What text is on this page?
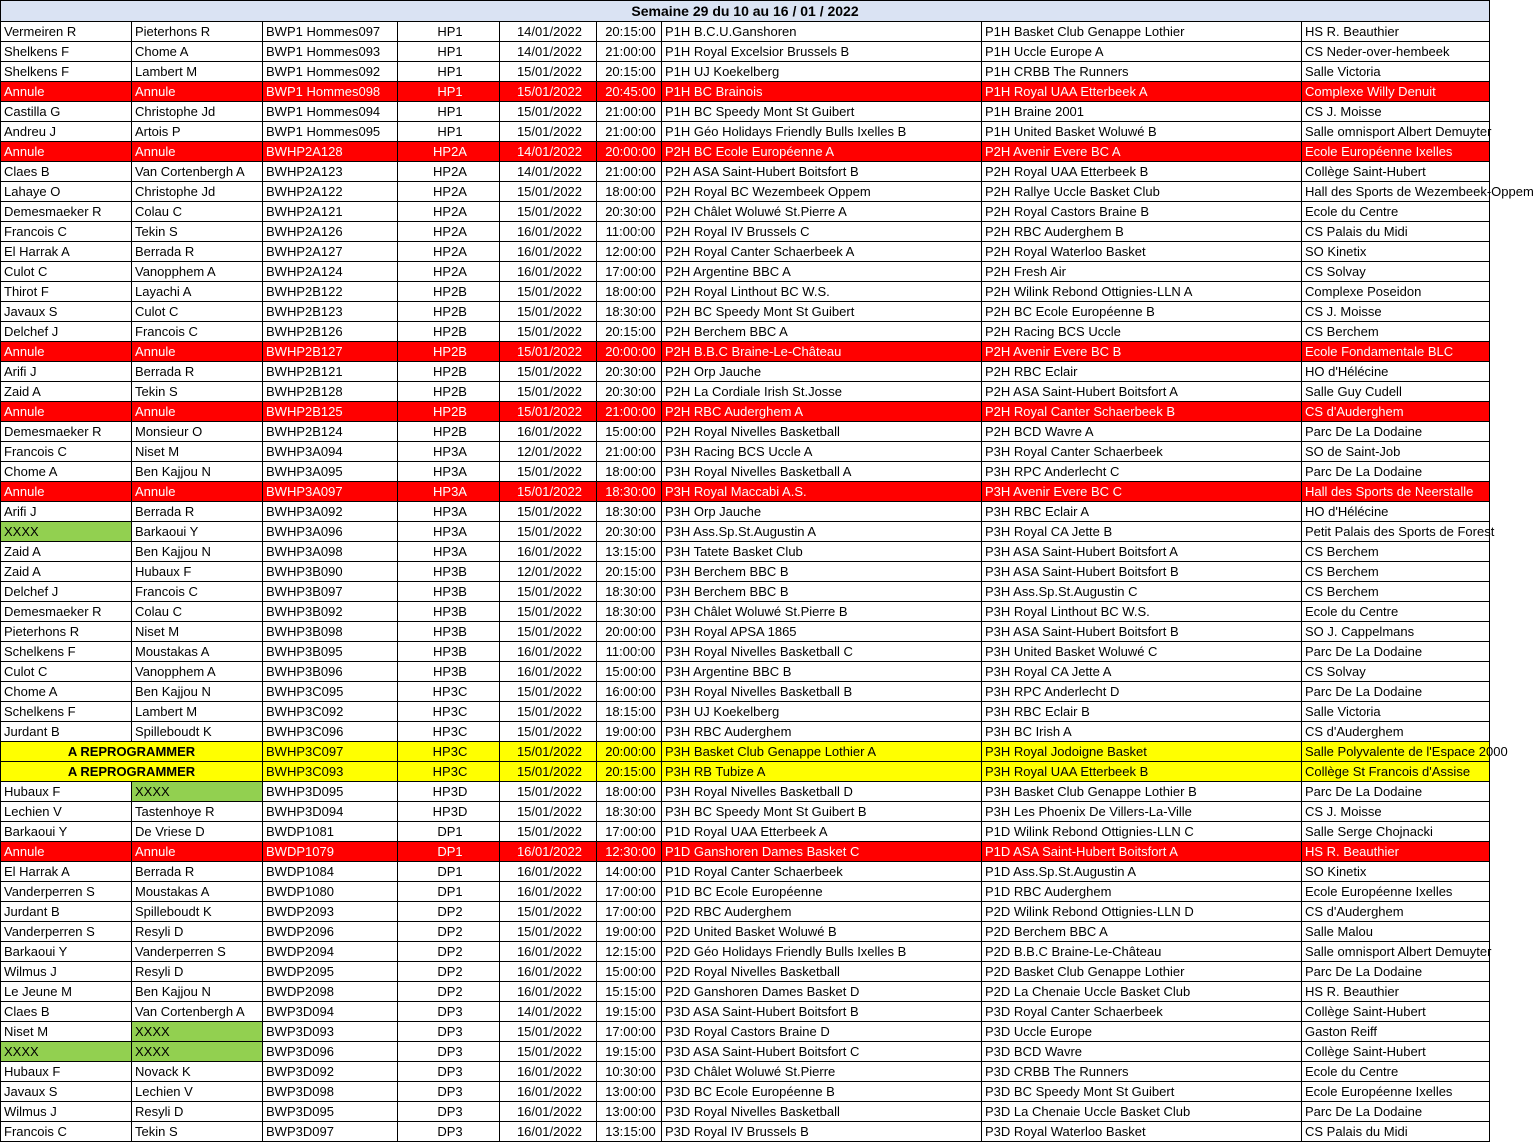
Semaine 29 du 10 au 16 / 01 / 2022								
Vermeiren R	Pieterhons R	BWP1 Hommes097	HP1	14/01/2022	20:15:00	P1H B.C.U.Ganshoren	P1H Basket Club Genappe Lothier	HS R. Beauthier
Shelkens F	Chome A	BWP1 Hommes093	HP1	14/01/2022	21:00:00	P1H Royal Excelsior Brussels B	P1H Uccle Europe A	CS Neder-over-hembeek
Shelkens F	Lambert M	BWP1 Hommes092	HP1	15/01/2022	20:15:00	P1H UJ Koekelberg	P1H CRBB The Runners	Salle Victoria
Annule	Annule	BWP1 Hommes098	HP1	15/01/2022	20:45:00	P1H BC Brainois	P1H Royal UAA Etterbeek A	Complexe Willy Denuit
Castilla G	Christophe Jd	BWP1 Hommes094	HP1	15/01/2022	21:00:00	P1H BC Speedy Mont St Guibert	P1H Braine 2001	CS J. Moisse
Andreu J	Artois P	BWP1 Hommes095	HP1	15/01/2022	21:00:00	P1H Géo Holidays Friendly Bulls Ixelles B	P1H United Basket Woluwé B	Salle omnisport Albert Demuyter
Annule	Annule	BWHP2A128	HP2A	14/01/2022	20:00:00	P2H BC Ecole Européenne A	P2H Avenir Evere BC A	Ecole Européenne Ixelles
Claes B	Van Cortenbergh A	BWHP2A123	HP2A	14/01/2022	21:00:00	P2H ASA Saint-Hubert Boitsfort B	P2H Royal UAA Etterbeek B	Collège Saint-Hubert
Lahaye O	Christophe Jd	BWHP2A122	HP2A	15/01/2022	18:00:00	P2H Royal BC Wezembeek Oppem	P2H Rallye Uccle Basket Club	Hall des Sports de Wezembeek-Oppem
Demesmaeker R	Colau C	BWHP2A121	HP2A	15/01/2022	20:30:00	P2H Châlet Woluwé St.Pierre A	P2H Royal Castors Braine B	Ecole du Centre
Francois C	Tekin S	BWHP2A126	HP2A	16/01/2022	11:00:00	P2H Royal IV Brussels C	P2H RBC Auderghem B	CS Palais du Midi
El Harrak A	Berrada R	BWHP2A127	HP2A	16/01/2022	12:00:00	P2H Royal Canter Schaerbeek A	P2H Royal Waterloo Basket	SO Kinetix
Culot C	Vanopphem A	BWHP2A124	HP2A	16/01/2022	17:00:00	P2H Argentine BBC A	P2H Fresh Air	CS Solvay
Thirot F	Layachi A	BWHP2B122	HP2B	15/01/2022	18:00:00	P2H Royal Linthout BC W.S.	P2H Wilink Rebond Ottignies-LLN A	Complexe Poseidon
Javaux S	Culot C	BWHP2B123	HP2B	15/01/2022	18:30:00	P2H BC Speedy Mont St Guibert	P2H BC Ecole Européenne B	CS J. Moisse
Delchef J	Francois C	BWHP2B126	HP2B	15/01/2022	20:15:00	P2H Berchem BBC A	P2H Racing BCS Uccle	CS Berchem
Annule	Annule	BWHP2B127	HP2B	15/01/2022	20:00:00	P2H B.B.C Braine-Le-Château	P2H Avenir Evere BC B	Ecole Fondamentale BLC
Arifi J	Berrada R	BWHP2B121	HP2B	15/01/2022	20:30:00	P2H Orp Jauche	P2H RBC Eclair	HO d'Hélécine
Zaid A	Tekin S	BWHP2B128	HP2B	15/01/2022	20:30:00	P2H La Cordiale Irish St.Josse	P2H ASA Saint-Hubert Boitsfort A	Salle Guy Cudell
Annule	Annule	BWHP2B125	HP2B	15/01/2022	21:00:00	P2H RBC Auderghem A	P2H Royal Canter Schaerbeek B	CS d'Auderghem
Demesmaeker R	Monsieur O	BWHP2B124	HP2B	16/01/2022	15:00:00	P2H Royal Nivelles Basketball	P2H BCD Wavre A	Parc De La Dodaine
Francois C	Niset M	BWHP3A094	HP3A	12/01/2022	21:00:00	P3H Racing BCS Uccle A	P3H Royal Canter Schaerbeek	SO de Saint-Job
Chome A	Ben Kajjou N	BWHP3A095	HP3A	15/01/2022	18:00:00	P3H Royal Nivelles Basketball A	P3H RPC Anderlecht C	Parc De La Dodaine
Annule	Annule	BWHP3A097	HP3A	15/01/2022	18:30:00	P3H Royal Maccabi A.S.	P3H Avenir Evere BC C	Hall des Sports de Neerstalle
Arifi J	Berrada R	BWHP3A092	HP3A	15/01/2022	18:30:00	P3H Orp Jauche	P3H RBC Eclair A	HO d'Hélécine
XXXX	Barkaoui Y	BWHP3A096	HP3A	15/01/2022	20:30:00	P3H Ass.Sp.St.Augustin A	P3H Royal CA Jette B	Petit Palais des Sports de Forest
Zaid A	Ben Kajjou N	BWHP3A098	HP3A	16/01/2022	13:15:00	P3H Tatete Basket Club	P3H ASA Saint-Hubert Boitsfort A	CS Berchem
Zaid A	Hubaux F	BWHP3B090	HP3B	12/01/2022	20:15:00	P3H Berchem BBC B	P3H ASA Saint-Hubert Boitsfort B	CS Berchem
Delchef J	Francois C	BWHP3B097	HP3B	15/01/2022	18:30:00	P3H Berchem BBC B	P3H Ass.Sp.St.Augustin C	CS Berchem
Demesmaeker R	Colau C	BWHP3B092	HP3B	15/01/2022	18:30:00	P3H Châlet Woluwé St.Pierre B	P3H Royal Linthout BC W.S.	Ecole du Centre
Pieterhons R	Niset M	BWHP3B098	HP3B	15/01/2022	20:00:00	P3H Royal APSA 1865	P3H ASA Saint-Hubert Boitsfort B	SO J. Cappelmans
Schelkens F	Moustakas A	BWHP3B095	HP3B	16/01/2022	11:00:00	P3H Royal Nivelles Basketball C	P3H United Basket Woluwé C	Parc De La Dodaine
Culot C	Vanopphem A	BWHP3B096	HP3B	16/01/2022	15:00:00	P3H Argentine BBC B	P3H Royal CA Jette A	CS Solvay
Chome A	Ben Kajjou N	BWHP3C095	HP3C	15/01/2022	16:00:00	P3H Royal Nivelles Basketball B	P3H RPC Anderlecht D	Parc De La Dodaine
Schelkens F	Lambert M	BWHP3C092	HP3C	15/01/2022	18:15:00	P3H UJ Koekelberg	P3H RBC Eclair B	Salle Victoria
Jurdant B	Spilleboudt K	BWHP3C096	HP3C	15/01/2022	19:00:00	P3H RBC Auderghem	P3H BC Irish A	CS d'Auderghem
A REPROGRAMMER		BWHP3C097	HP3C	15/01/2022	20:00:00	P3H Basket Club Genappe Lothier A	P3H Royal Jodoigne Basket	Salle Polyvalente de l'Espace 2000
A REPROGRAMMER		BWHP3C093	HP3C	15/01/2022	20:15:00	P3H RB Tubize A	P3H Royal UAA Etterbeek B	Collège St Francois d'Assise
Hubaux F	XXXX	BWHP3D095	HP3D	15/01/2022	18:00:00	P3H Royal Nivelles Basketball D	P3H Basket Club Genappe Lothier B	Parc De La Dodaine
Lechien V	Tastenhoye R	BWHP3D094	HP3D	15/01/2022	18:30:00	P3H BC Speedy Mont St Guibert B	P3H Les Phoenix De Villers-La-Ville	CS J. Moisse
Barkaoui Y	De Vriese D	BWDP1081	DP1	15/01/2022	17:00:00	P1D Royal UAA Etterbeek A	P1D Wilink Rebond Ottignies-LLN C	Salle Serge Chojnacki
Annule	Annule	BWDP1079	DP1	16/01/2022	12:30:00	P1D Ganshoren Dames Basket C	P1D ASA Saint-Hubert Boitsfort A	HS R. Beauthier
El Harrak A	Berrada R	BWDP1084	DP1	16/01/2022	14:00:00	P1D Royal Canter Schaerbeek	P1D Ass.Sp.St.Augustin A	SO Kinetix
Vanderperren S	Moustakas A	BWDP1080	DP1	16/01/2022	17:00:00	P1D BC Ecole Européenne	P1D RBC Auderghem	Ecole Européenne Ixelles
Jurdant B	Spilleboudt K	BWDP2093	DP2	15/01/2022	17:00:00	P2D RBC Auderghem	P2D Wilink Rebond Ottignies-LLN D	CS d'Auderghem
Vanderperren S	Resyli D	BWDP2096	DP2	15/01/2022	19:00:00	P2D United Basket Woluwé B	P2D Berchem BBC A	Salle Malou
Barkaoui Y	Vanderperren S	BWDP2094	DP2	16/01/2022	12:15:00	P2D Géo Holidays Friendly Bulls Ixelles B	P2D B.B.C Braine-Le-Château	Salle omnisport Albert Demuyter
Wilmus J	Resyli D	BWDP2095	DP2	16/01/2022	15:00:00	P2D Royal Nivelles Basketball	P2D Basket Club Genappe Lothier	Parc De La Dodaine
Le Jeune M	Ben Kajjou N	BWDP2098	DP2	16/01/2022	15:15:00	P2D Ganshoren Dames Basket D	P2D La Chenaie Uccle Basket Club	HS R. Beauthier
Claes B	Van Cortenbergh A	BWP3D094	DP3	14/01/2022	19:15:00	P3D ASA Saint-Hubert Boitsfort B	P3D Royal Canter Schaerbeek	Collège Saint-Hubert
Niset M	XXXX	BWP3D093	DP3	15/01/2022	17:00:00	P3D Royal Castors Braine D	P3D Uccle Europe	Gaston Reiff
XXXX	XXXX	BWP3D096	DP3	15/01/2022	19:15:00	P3D ASA Saint-Hubert Boitsfort C	P3D BCD Wavre	Collège Saint-Hubert
Hubaux F	Novack K	BWP3D092	DP3	16/01/2022	10:30:00	P3D Châlet Woluwé St.Pierre	P3D CRBB The Runners	Ecole du Centre
Javaux S	Lechien V	BWP3D098	DP3	16/01/2022	13:00:00	P3D BC Ecole Européenne B	P3D BC Speedy Mont St Guibert	Ecole Européenne Ixelles
Wilmus J	Resyli D	BWP3D095	DP3	16/01/2022	13:00:00	P3D Royal Nivelles Basketball	P3D La Chenaie Uccle Basket Club	Parc De La Dodaine
Francois C	Tekin S	BWP3D097	DP3	16/01/2022	13:15:00	P3D Royal IV Brussels B	P3D Royal Waterloo Basket	CS Palais du Midi
